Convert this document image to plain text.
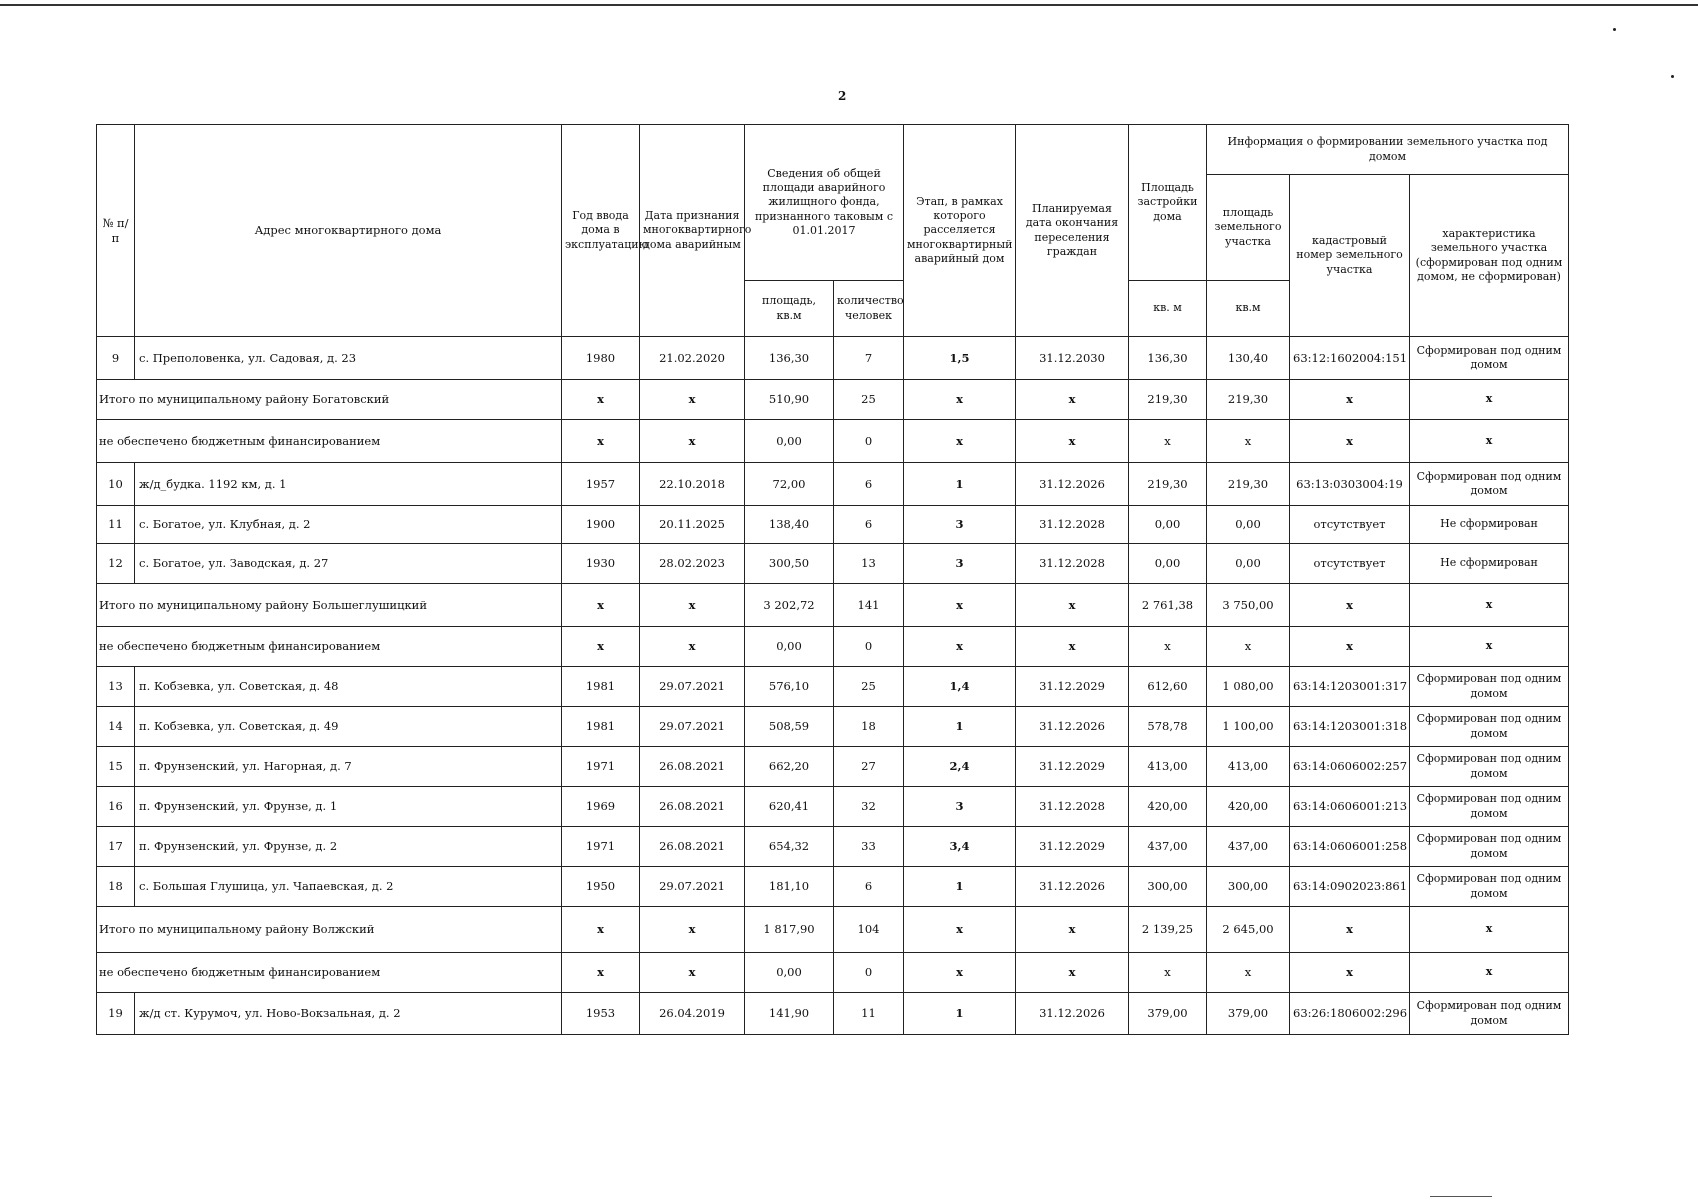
2
№ п/п	Адрес многоквартирного дома	Год ввода дома в эксплуатацию	Дата признания многоквартирного дома аварийным	Сведения об общей площади аварийного жилищного фонда, признанного таковым с 01.01.2017		Этап, в рамках которого расселяется многоквартирный аварийный дом	Планируемая дата окончания переселения граждан	Площадь застройки дома	Информация о формировании земельного участка под домом		
									площадь земельного участка	кадастровый номер земельного участка	характеристика земельного участка (сформирован под одним домом, не сформирован)
				площадь, кв.м	количество человек			кв. м	кв.м		
9	с. Преполовенка, ул. Садовая, д. 23	1980	21.02.2020	136,30	7	1,5	31.12.2030	136,30	130,40	63:12:1602004:151	Сформирован под одним домом
Итого по муниципальному району Богатовский		x	x	510,90	25	x	x	219,30	219,30	x	x
не обеспечено бюджетным финансированием		x	x	0,00	0	x	x	x	x	x	x
10	ж/д_будка. 1192 км, д. 1	1957	22.10.2018	72,00	6	1	31.12.2026	219,30	219,30	63:13:0303004:19	Сформирован под одним домом
11	с. Богатое, ул. Клубная, д. 2	1900	20.11.2025	138,40	6	3	31.12.2028	0,00	0,00	отсутствует	Не сформирован
12	с. Богатое, ул. Заводская, д. 27	1930	28.02.2023	300,50	13	3	31.12.2028	0,00	0,00	отсутствует	Не сформирован
Итого по муниципальному району Большеглушицкий		x	x	3 202,72	141	x	x	2 761,38	3 750,00	x	x
не обеспечено бюджетным финансированием		x	x	0,00	0	x	x	x	x	x	x
13	п. Кобзевка, ул. Советская, д. 48	1981	29.07.2021	576,10	25	1,4	31.12.2029	612,60	1 080,00	63:14:1203001:317	Сформирован под одним домом
14	п. Кобзевка, ул. Советская, д. 49	1981	29.07.2021	508,59	18	1	31.12.2026	578,78	1 100,00	63:14:1203001:318	Сформирован под одним домом
15	п. Фрунзенский, ул. Нагорная, д. 7	1971	26.08.2021	662,20	27	2,4	31.12.2029	413,00	413,00	63:14:0606002:257	Сформирован под одним домом
16	п. Фрунзенский, ул. Фрунзе, д. 1	1969	26.08.2021	620,41	32	3	31.12.2028	420,00	420,00	63:14:0606001:213	Сформирован под одним домом
17	п. Фрунзенский, ул. Фрунзе, д. 2	1971	26.08.2021	654,32	33	3,4	31.12.2029	437,00	437,00	63:14:0606001:258	Сформирован под одним домом
18	с. Большая Глушица, ул. Чапаевская, д. 2	1950	29.07.2021	181,10	6	1	31.12.2026	300,00	300,00	63:14:0902023:861	Сформирован под одним домом
Итого по муниципальному району Волжский		x	x	1 817,90	104	x	x	2 139,25	2 645,00	x	x
не обеспечено бюджетным финансированием		x	x	0,00	0	x	x	x	x	x	x
19	ж/д ст. Курумоч, ул. Ново-Вокзальная, д. 2	1953	26.04.2019	141,90	11	1	31.12.2026	379,00	379,00	63:26:1806002:296	Сформирован под одним домом
